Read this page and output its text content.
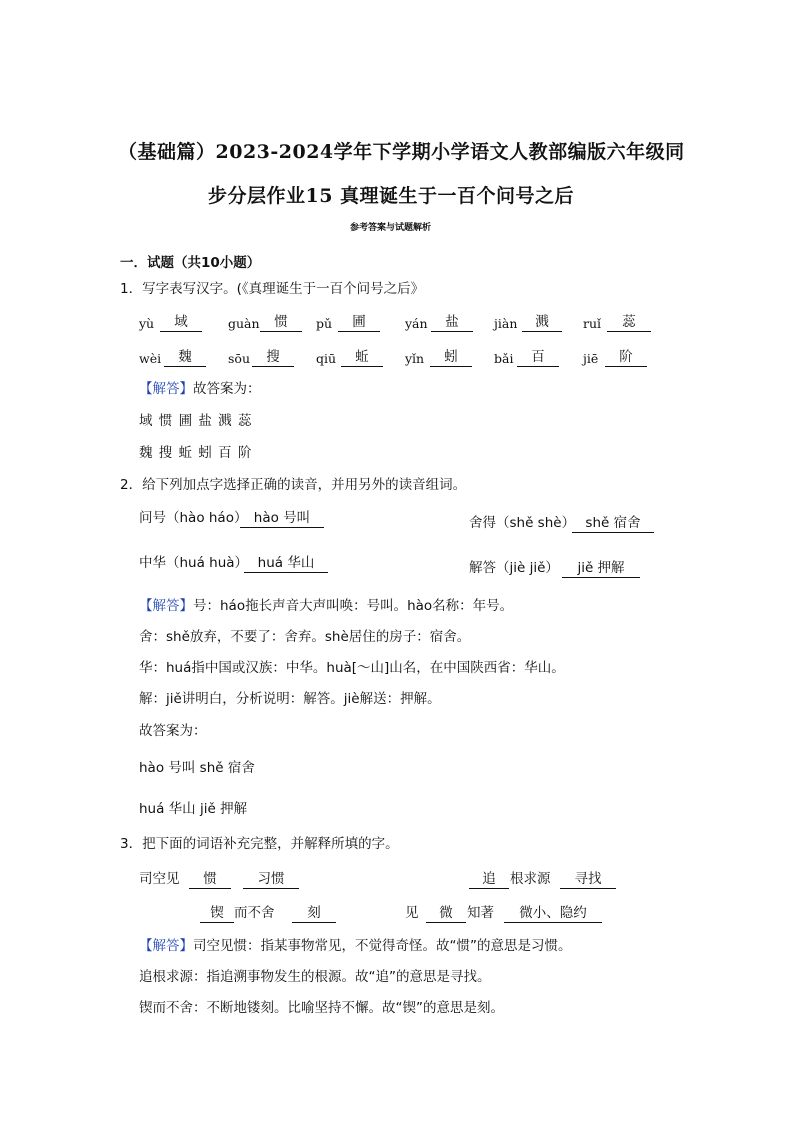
（基础篇）2023-2024学年下学期小学语文人教部编版六年级同
步分层作业15 真理诞生于一百个问号之后
参考答案与试题解析
一．试题（共10小题）
1．写字表写汉字。(《真理诞生于一百个问号之后》
yù	域	guàn	惯	pǔ	圃	yán	盐	jiàn	溅	ruǐ	蕊
wèi	魏	sōu	搜	qiū	蚯	yǐn	蚓	bǎi	百	jiē	阶
【解答】故答案为：
域 惯 圃 盐 溅 蕊
魏 搜 蚯 蚓 百 阶
2．给下列加点字选择正确的读音，并用另外的读音组词。
问号（hào háo） hào 号叫	舍得（shě shè） shě 宿舍
中华（huá huà） huá 华山	解答（jiè jiě）	jiě 押解
【解答】号：háo拖长声音大声叫唤：号叫。hào名称：年号。
舍：shě放弃，不要了：舍弃。shè居住的房子：宿舍。
华：huá指中国或汉族：中华。huà[～山]山名，在中国陕西省：华山。
解：jiě讲明白，分析说明：解答。jiè解送：押解。
故答案为：
hào 号叫 shě 宿舍
huá 华山 jiě 押解
3．把下面的词语补充完整，并解释所填的字。
司空见	惯	习惯	追	根求源	寻找
锲 而不舍	刻	见	微	知著	微小、隐约
【解答】司空见惯：指某事物常见，不觉得奇怪。故“惯”的意思是习惯。
追根求源：指追溯事物发生的根源。故“追”的意思是寻找。
锲而不舍：不断地镂刻。比喻坚持不懈。故“锲”的意思是刻。
